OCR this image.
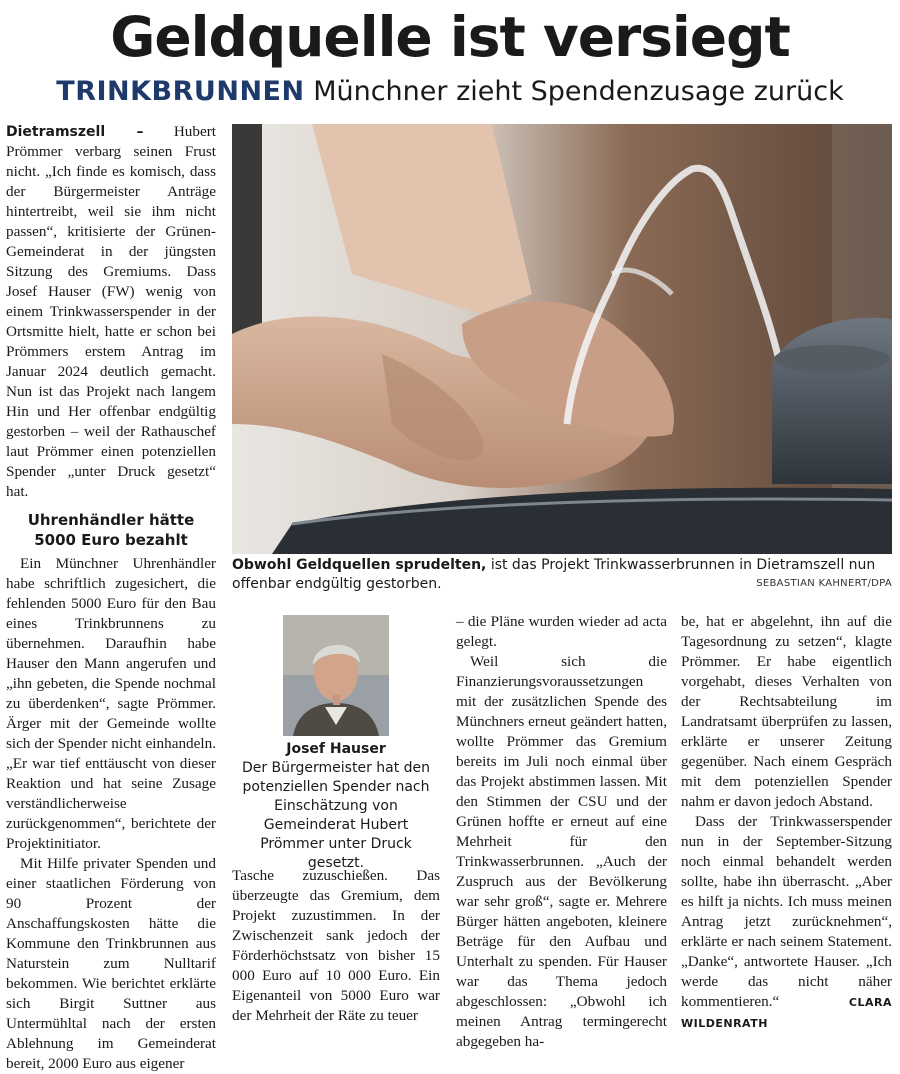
Geldquelle ist versiegt
TRINKBRUNNEN Münchner zieht Spendenzusage zurück

Dietramszell – Hubert Prömmer verbarg seinen Frust nicht. „Ich finde es komisch, dass der Bürgermeister Anträge hintertreibt, weil sie ihm nicht passen“, kritisierte der Grünen-Gemeinderat in der jüngsten Sitzung des Gremiums. Dass Josef Hauser (FW) wenig von einem Trinkwasserspender in der Ortsmitte hielt, hatte er schon bei Prömmers erstem Antrag im Januar 2024 deutlich gemacht. Nun ist das Projekt nach langem Hin und Her offenbar endgültig gestorben – weil der Rathauschef laut Prömmer einen potenziellen Spender „unter Druck gesetzt“ hat.

Uhrenhändler hätte
5000 Euro bezahlt

Ein Münchner Uhrenhändler habe schriftlich zugesichert, die fehlenden 5000 Euro für den Bau eines Trinkbrunnens zu übernehmen. Daraufhin habe Hauser den Mann angerufen und „ihn gebeten, die Spende nochmal zu überdenken“, sagte Prömmer. Ärger mit der Gemeinde wollte sich der Spender nicht einhandeln. „Er war tief enttäuscht von dieser Reaktion und hat seine Zusage verständlicherweise zurückgenommen“, berichtete der Projektinitiator.

Mit Hilfe privater Spenden und einer staatlichen Förderung von 90 Prozent der Anschaffungskosten hätte die Kommune den Trinkbrunnen aus Naturstein zum Nulltarif bekommen. Wie berichtet erklärte sich Birgit Suttner aus Untermühltal nach der ersten Ablehnung im Gemeinderat bereit, 2000 Euro aus eigener

Obwohl Geldquellen sprudelten, ist das Projekt Trinkwasserbrunnen in Dietramszell nun offenbar endgültig gestorben.	SEBASTIAN KAHNERT/DPA
Josef Hauser
Der Bürgermeister hat den potenziellen Spender nach Einschätzung von Gemeinderat Hubert Prömmer unter Druck gesetzt.

Tasche zuzuschießen. Das überzeugte das Gremium, dem Projekt zuzustimmen. In der Zwischenzeit sank jedoch der Förderhöchstsatz von bisher 15 000 Euro auf 10 000 Euro. Ein Eigenanteil von 5000 Euro war der Mehrheit der Räte zu teuer

– die Pläne wurden wieder ad acta gelegt.

Weil sich die Finanzierungsvoraussetzungen mit der zusätzlichen Spende des Münchners erneut geändert hatten, wollte Prömmer das Gremium bereits im Juli noch einmal über das Projekt abstimmen lassen. Mit den Stimmen der CSU und der Grünen hoffte er erneut auf eine Mehrheit für den Trinkwasserbrunnen. „Auch der Zuspruch aus der Bevölkerung war sehr groß“, sagte er. Mehrere Bürger hätten angeboten, kleinere Beträge für den Aufbau und Unterhalt zu spenden. Für Hauser war das Thema jedoch abgeschlossen: „Obwohl ich meinen Antrag termingerecht abgegeben ha-

be, hat er abgelehnt, ihn auf die Tagesordnung zu setzen“, klagte Prömmer. Er habe eigentlich vorgehabt, dieses Verhalten von der Rechtsabteilung im Landratsamt überprüfen zu lassen, erklärte er unserer Zeitung gegenüber. Nach einem Gespräch mit dem potenziellen Spender nahm er davon jedoch Abstand.

Dass der Trinkwasserspender nun in der September-Sitzung noch einmal behandelt werden sollte, habe ihn überrascht. „Aber es hilft ja nichts. Ich muss meinen Antrag jetzt zurücknehmen“, erklärte er nach seinem Statement. „Danke“, antwortete Hauser. „Ich werde das nicht näher kommentieren.“	CLARA WILDENRATH
